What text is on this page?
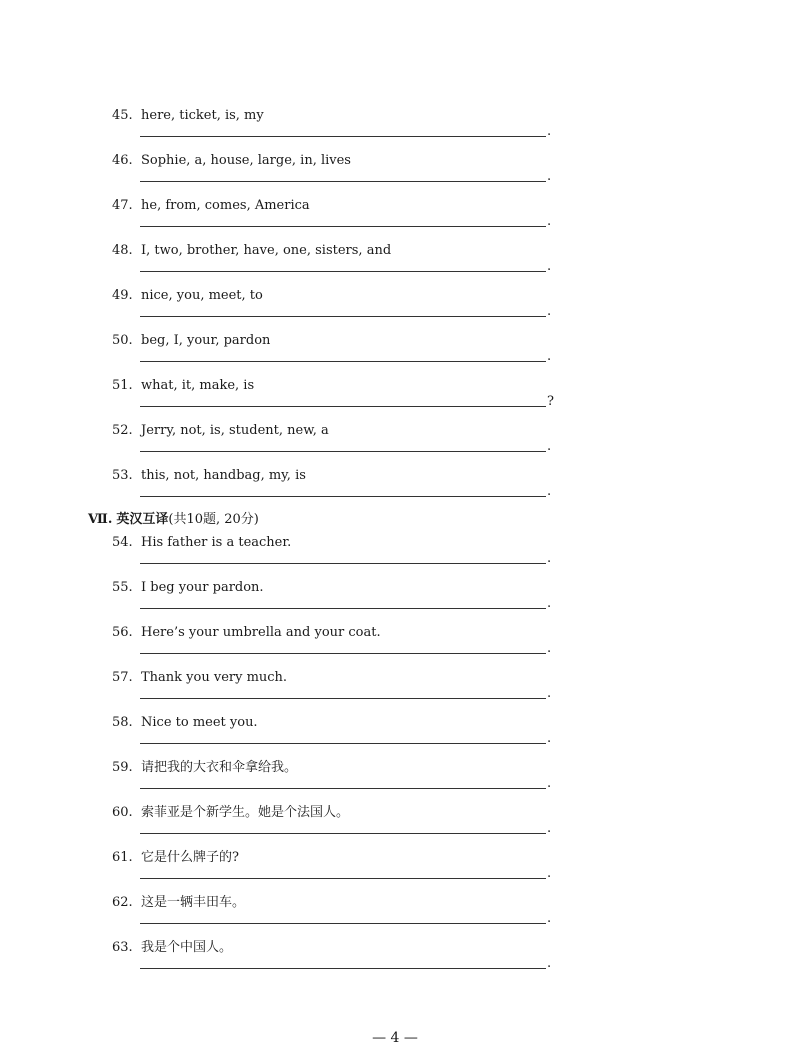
45. here, ticket, is, my
.
46. Sophie, a, house, large, in, lives
.
47. he, from, comes, America
.
48. I, two, brother, have, one, sisters, and
.
49. nice, you, meet, to
.
50. beg, I, your, pardon
.
51. what, it, make, is
?
52. Jerry, not, is, student, new, a
.
53. this, not, handbag, my, is
.
Ⅶ. 英汉互译(共10题, 20分)
54. His father is a teacher.
.
55. I beg your pardon.
.
56. Here’s your umbrella and your coat.
.
57. Thank you very much.
.
58. Nice to meet you.
.
59. 请把我的大衣和伞拿给我。
.
60. 索菲亚是个新学生。她是个法国人。
.
61. 它是什么牌子的?
.
62. 这是一辆丰田车。
.
63. 我是个中国人。
.
— 4 —
